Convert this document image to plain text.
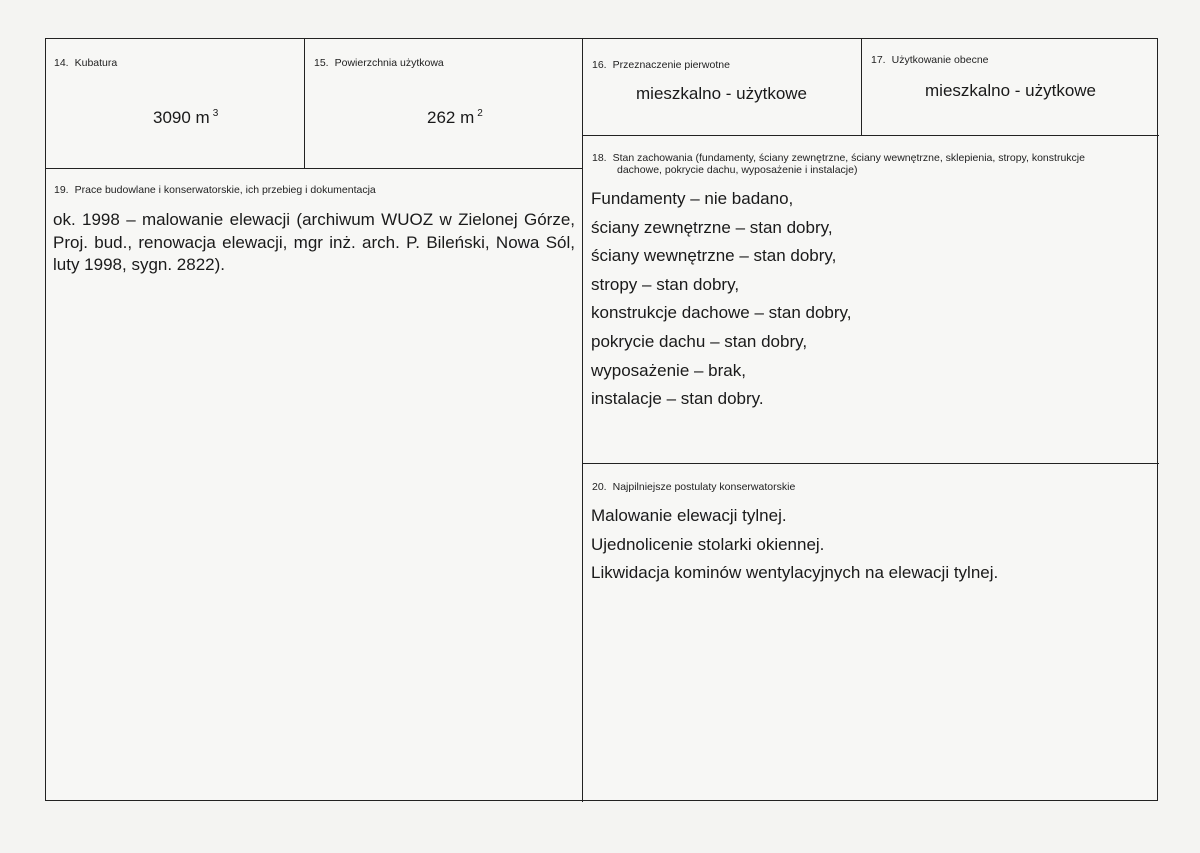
14. Kubatura
3090 m $^3$
15. Powierzchnia użytkowa
262 m $^2$
16. Przeznaczenie pierwotne
mieszkalno - użytkowe
17. Użytkowanie obecne
mieszkalno - użytkowe
18. Stan zachowania (fundamenty, ściany zewnętrzne, ściany wewnętrzne, sklepienia, stropy, konstrukcje
dachowe, pokrycie dachu, wyposażenie i instalacje)
Fundamenty – nie badano,
ściany zewnętrzne – stan dobry,
ściany wewnętrzne – stan dobry,
stropy – stan dobry,
konstrukcje dachowe – stan dobry,
pokrycie dachu – stan dobry,
wyposażenie – brak,
instalacje – stan dobry.
19. Prace budowlane i konserwatorskie, ich przebieg i dokumentacja
ok. 1998 – malowanie elewacji (archiwum WUOZ w Zielonej Górze,
Proj. bud., renowacja elewacji, mgr inż. arch. P. Bileński, Nowa Sól,
luty 1998, sygn. 2822).
20. Najpilniejsze postulaty konserwatorskie
Malowanie elewacji tylnej.
Ujednolicenie stolarki okiennej.
Likwidacja kominów wentylacyjnych na elewacji tylnej.
